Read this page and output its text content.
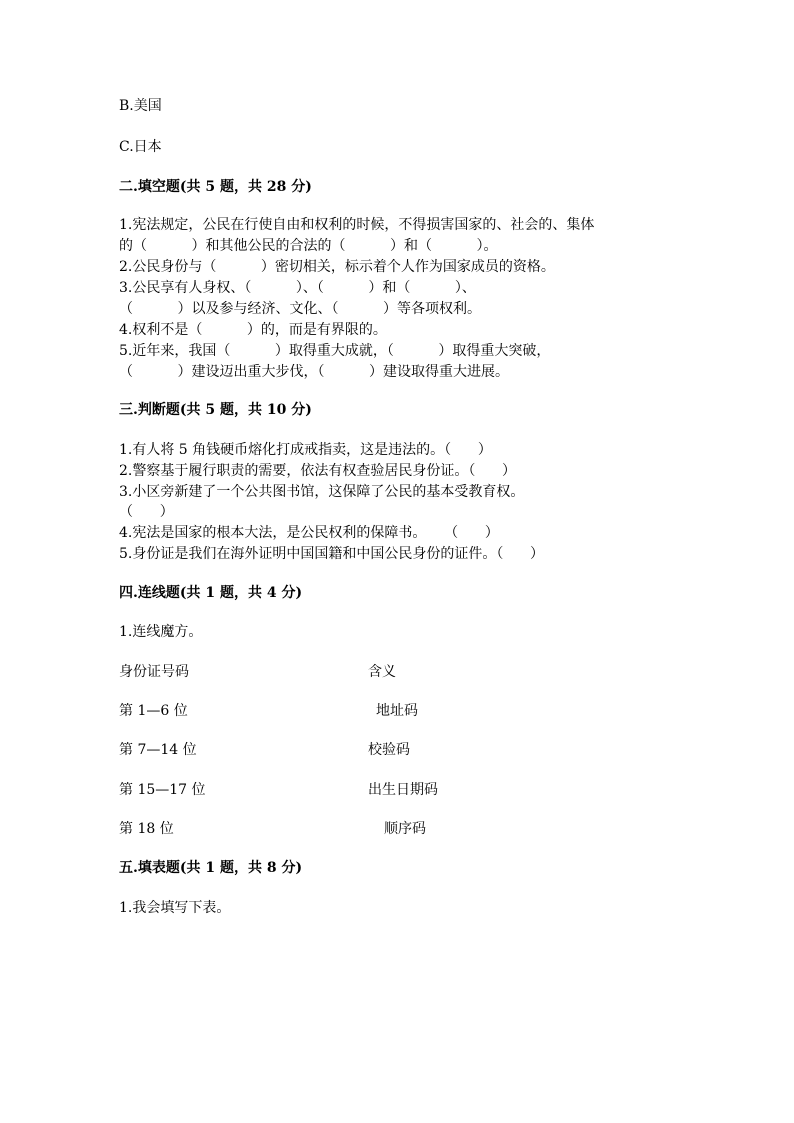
B.美国

C.日本

二.填空题(共 5 题，共 28 分)

1.宪法规定，公民在行使自由和权利的时候，不得损害国家的、社会的、集体

的（          ）和其他公民的合法的（          ）和（          ）。

2.公民身份与（          ）密切相关，标示着个人作为国家成员的资格。

3.公民享有人身权、（          ）、（          ）和（          ）、

（          ）以及参与经济、文化、（          ）等各项权利。

4.权利不是（          ）的，而是有界限的。

5.近年来，我国（          ）取得重大成就，（          ）取得重大突破，

（          ）建设迈出重大步伐，（          ）建设取得重大进展。

三.判断题(共 5 题，共 10 分)

1.有人将 5 角钱硬币熔化打成戒指卖，这是违法的。（      ）

2.警察基于履行职责的需要，依法有权查验居民身份证。（      ）

3.小区旁新建了一个公共图书馆，这保障了公民的基本受教育权。

（      ）

4.宪法是国家的根本大法，是公民权利的保障书。    （      ）

5.身份证是我们在海外证明中国国籍和中国公民身份的证件。（      ）

四.连线题(共 1 题，共 4 分)

1.连线魔方。

身份证号码	含义

第 1—6 位	地址码

第 7—14 位	校验码

第 15—17 位	出生日期码

第 18 位	顺序码

五.填表题(共 1 题，共 8 分)

1.我会填写下表。
